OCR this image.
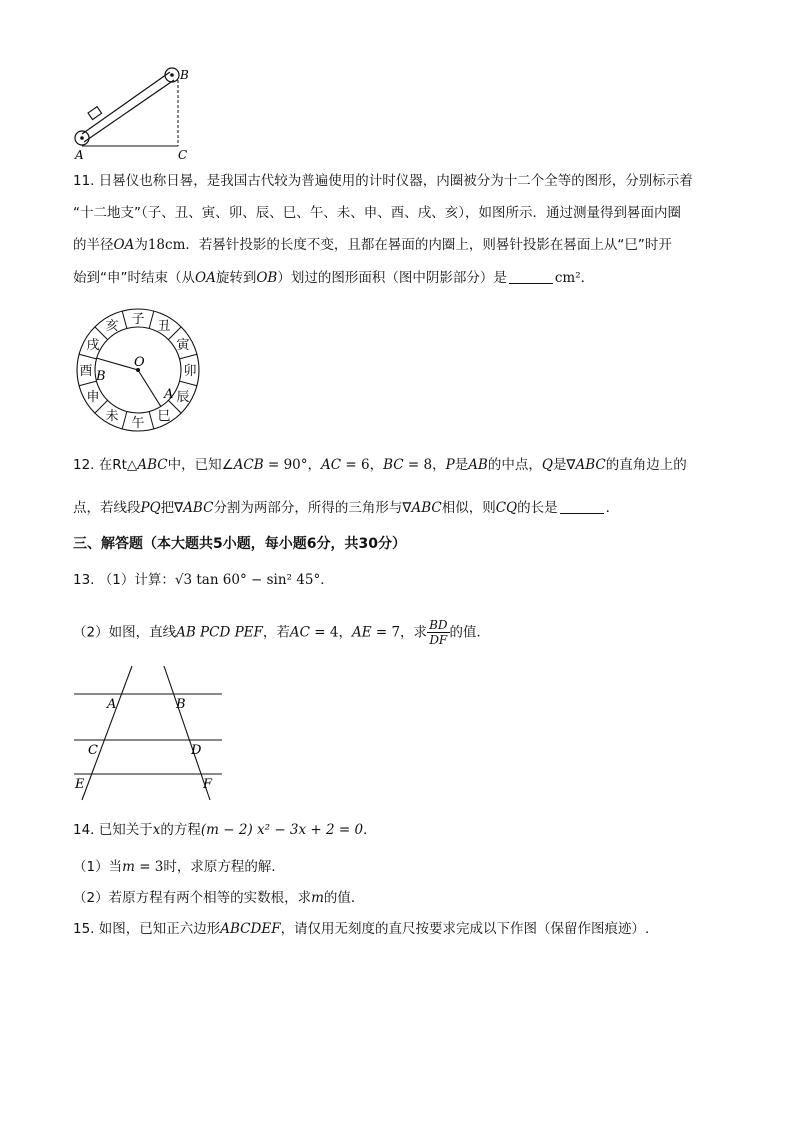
A
B
C
11. 日晷仪也称日晷，是我国古代较为普遍使用的计时仪器，内圈被分为十二个全等的图形，分别标示着
“十二地支”（子、丑、寅、卯、辰、巳、午、未、申、酉、戌、亥），如图所示．通过测量得到晷面内圈
的半径OA为18cm．若晷针投影的长度不变，且都在晷面的内圈上，则晷针投影在晷面上从“巳”时开
始到“申”时结束（从OA旋转到OB）划过的图形面积（图中阴影部分）是	cm²．
子 丑
寅
卯
辰
巳
午
未
申
酉
戌
亥
O
A
B
12. 在Rt△ABC中，已知∠ACB = 90°，AC = 6，BC = 8，P是AB的中点，Q是∇ABC的直角边上的
点，若线段PQ把∇ABC分割为两部分，所得的三角形与∇ABC相似，则CQ的长是	．
三、解答题（本大题共5小题，每小题6分，共30分）
13. （1）计算：√3 tan 60° − sin² 45°．
（2）如图，直线AB PCD PEF，若AC = 4，AE = 7，求 $\frac{BD}{DF}$ 的值．
A	B
C	D
E	F
14. 已知关于x的方程(m − 2) x² − 3x + 2 = 0．
（1）当m = 3时，求原方程的解．
（2）若原方程有两个相等的实数根，求m的值．
15. 如图，已知正六边形ABCDEF，请仅用无刻度的直尺按要求完成以下作图（保留作图痕迹）.
